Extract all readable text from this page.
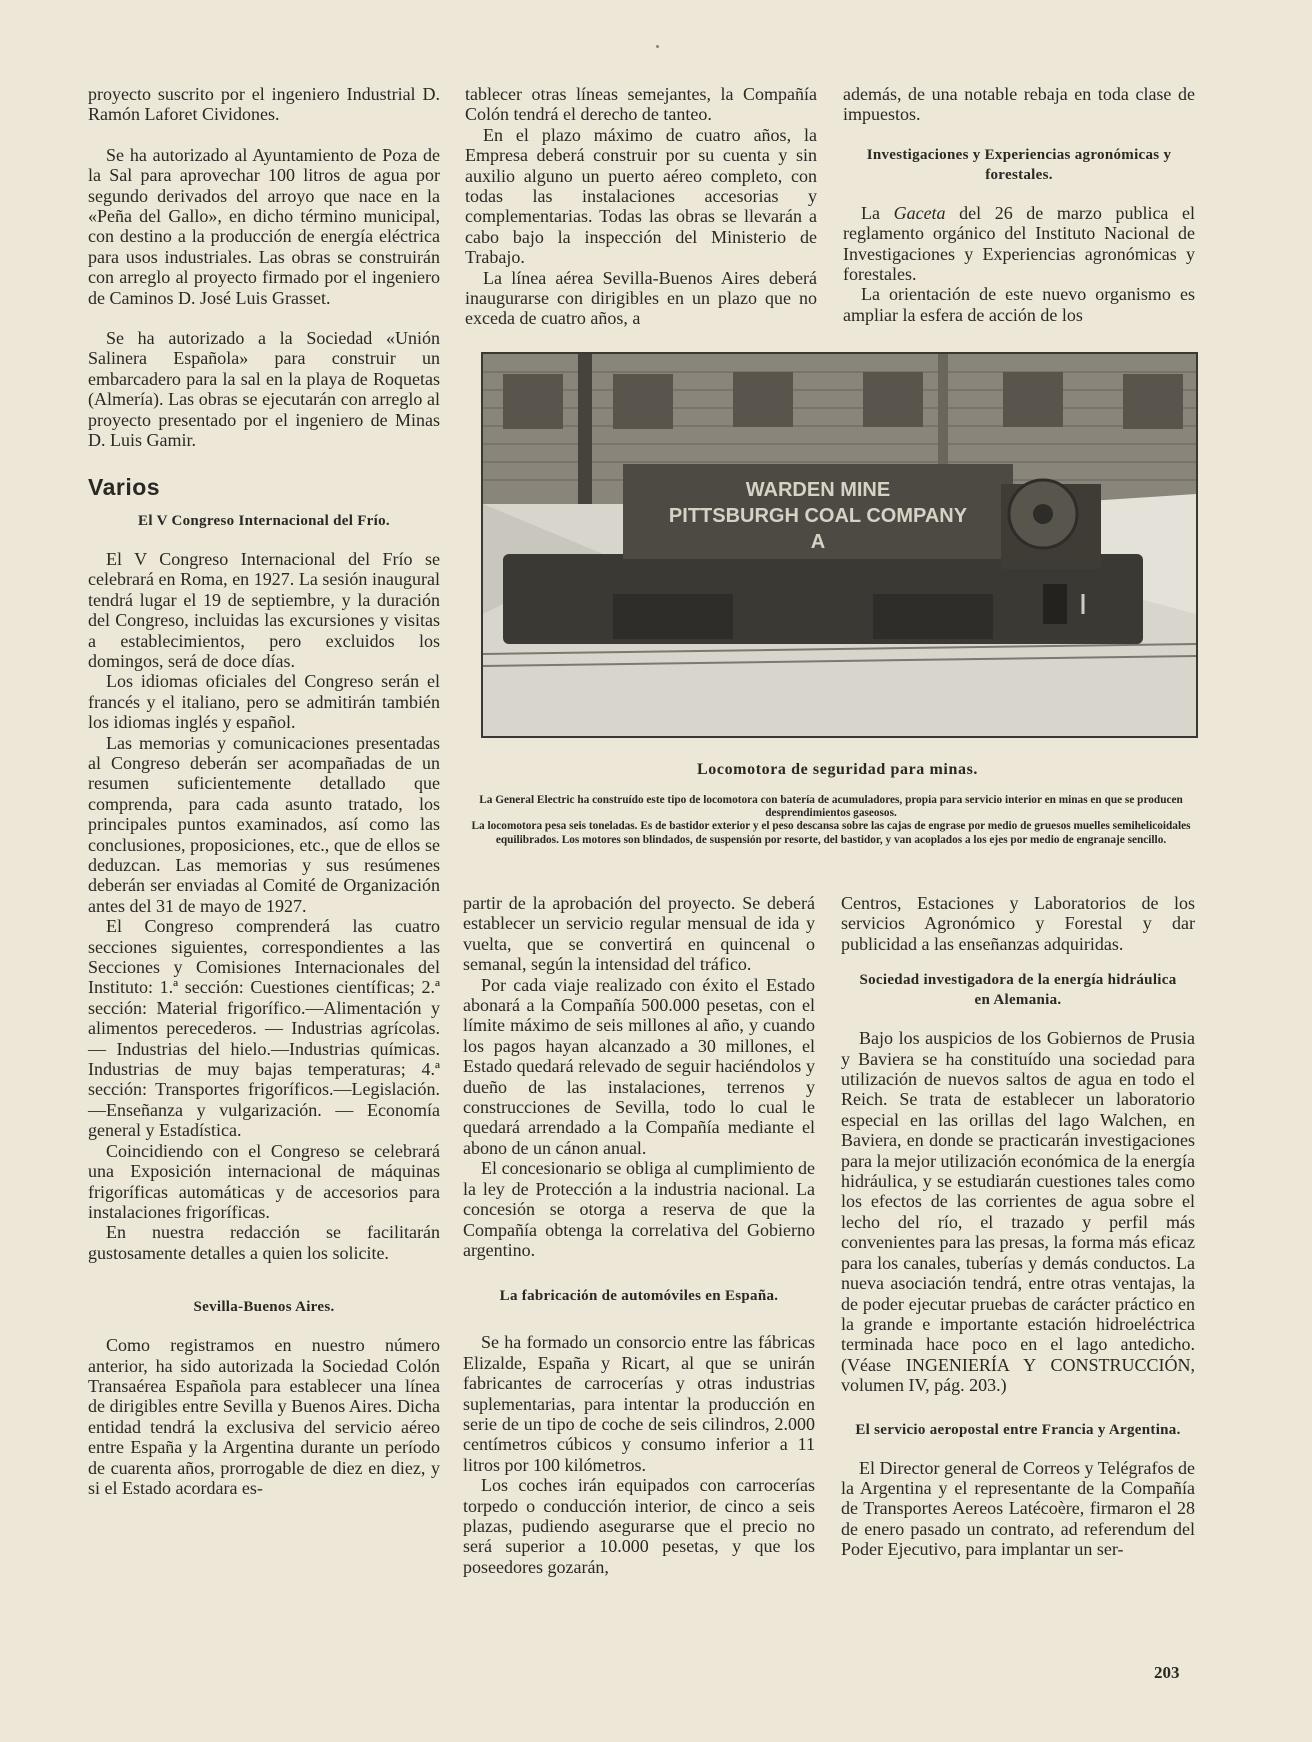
proyecto suscrito por el ingeniero Industrial D. Ramón Laforet Cividones.

Se ha autorizado al Ayuntamiento de Poza de la Sal para aprovechar 100 litros de agua por segundo derivados del arroyo que nace en la «Peña del Gallo», en dicho término municipal, con destino a la producción de energía eléctrica para usos industriales. Las obras se construirán con arreglo al proyecto firmado por el ingeniero de Caminos D. José Luis Grasset.

Se ha autorizado a la Sociedad «Unión Salinera Española» para construir un embarcadero para la sal en la playa de Roquetas (Almería). Las obras se ejecutarán con arreglo al proyecto presentado por el ingeniero de Minas D. Luis Gamir.

Varios
El V Congreso Internacional del Frío.

El V Congreso Internacional del Frío se celebrará en Roma, en 1927. La sesión inaugural tendrá lugar el 19 de septiembre, y la duración del Congreso, incluidas las excursiones y visitas a establecimientos, pero excluidos los domingos, será de doce días.

Los idiomas oficiales del Congreso serán el francés y el italiano, pero se admitirán también los idiomas inglés y español.

Las memorias y comunicaciones presentadas al Congreso deberán ser acompañadas de un resumen suficientemente detallado que comprenda, para cada asunto tratado, los principales puntos examinados, así como las conclusiones, proposiciones, etc., que de ellos se deduzcan. Las memorias y sus resúmenes deberán ser enviadas al Comité de Organización antes del 31 de mayo de 1927.

El Congreso comprenderá las cuatro secciones siguientes, correspondientes a las Secciones y Comisiones Internacionales del Instituto: 1.ª sección: Cuestiones científicas; 2.ª sección: Material frigorífico.—Alimentación y alimentos perecederos. — Industrias agrícolas. — Industrias del hielo.—Industrias químicas. Industrias de muy bajas temperaturas; 4.ª sección: Transportes frigoríficos.—Legislación.—Enseñanza y vulgarización. — Economía general y Estadística.

Coincidiendo con el Congreso se celebrará una Exposición internacional de máquinas frigoríficas automáticas y de accesorios para instalaciones frigoríficas.

En nuestra redacción se facilitarán gustosamente detalles a quien los solicite.

Sevilla-Buenos Aires.

Como registramos en nuestro número anterior, ha sido autorizada la Sociedad Colón Transaérea Española para establecer una línea de dirigibles entre Sevilla y Buenos Aires. Dicha entidad tendrá la exclusiva del servicio aéreo entre España y la Argentina durante un período de cuarenta años, prorrogable de diez en diez, y si el Estado acordara es-

tablecer otras líneas semejantes, la Compañía Colón tendrá el derecho de tanteo.

En el plazo máximo de cuatro años, la Empresa deberá construir por su cuenta y sin auxilio alguno un puerto aéreo completo, con todas las instalaciones accesorias y complementarias. Todas las obras se llevarán a cabo bajo la inspección del Ministerio de Trabajo.

La línea aérea Sevilla-Buenos Aires deberá inaugurarse con dirigibles en un plazo que no exceda de cuatro años, a

además, de una notable rebaja en toda clase de impuestos.

Investigaciones y Experiencias agronómicas y forestales.

La Gaceta del 26 de marzo publica el reglamento orgánico del Instituto Nacional de Investigaciones y Experiencias agronómicas y forestales.

La orientación de este nuevo organismo es ampliar la esfera de acción de los

WARDEN MINE
PITTSBURGH COAL COMPANY
A
Locomotora de seguridad para minas.

La General Electric ha construído este tipo de locomotora con batería de acumuladores, propia para servicio interior en minas en que se producen desprendimientos gaseosos.

La locomotora pesa seis toneladas. Es de bastidor exterior y el peso descansa sobre las cajas de engrase por medio de gruesos muelles semihelicoidales equilibrados. Los motores son blindados, de suspensión por resorte, del bastidor, y van acoplados a los ejes por medio de engranaje sencillo.

partir de la aprobación del proyecto. Se deberá establecer un servicio regular mensual de ida y vuelta, que se convertirá en quincenal o semanal, según la intensidad del tráfico.

Por cada viaje realizado con éxito el Estado abonará a la Compañía 500.000 pesetas, con el límite máximo de seis millones al año, y cuando los pagos hayan alcanzado a 30 millones, el Estado quedará relevado de seguir haciéndolos y dueño de las instalaciones, terrenos y construcciones de Sevilla, todo lo cual le quedará arrendado a la Compañía mediante el abono de un cánon anual.

El concesionario se obliga al cumplimiento de la ley de Protección a la industria nacional. La concesión se otorga a reserva de que la Compañía obtenga la correlativa del Gobierno argentino.

La fabricación de automóviles en España.

Se ha formado un consorcio entre las fábricas Elizalde, España y Ricart, al que se unirán fabricantes de carrocerías y otras industrias suplementarias, para intentar la producción en serie de un tipo de coche de seis cilindros, 2.000 centímetros cúbicos y consumo inferior a 11 litros por 100 kilómetros.

Los coches irán equipados con carrocerías torpedo o conducción interior, de cinco a seis plazas, pudiendo asegurarse que el precio no será superior a 10.000 pesetas, y que los poseedores gozarán,

Centros, Estaciones y Laboratorios de los servicios Agronómico y Forestal y dar publicidad a las enseñanzas adquiridas.

Sociedad investigadora de la energía hidráulica en Alemania.

Bajo los auspicios de los Gobiernos de Prusia y Baviera se ha constituído una sociedad para utilización de nuevos saltos de agua en todo el Reich. Se trata de establecer un laboratorio especial en las orillas del lago Walchen, en Baviera, en donde se practicarán investigaciones para la mejor utilización económica de la energía hidráulica, y se estudiarán cuestiones tales como los efectos de las corrientes de agua sobre el lecho del río, el trazado y perfil más convenientes para las presas, la forma más eficaz para los canales, tuberías y demás conductos. La nueva asociación tendrá, entre otras ventajas, la de poder ejecutar pruebas de carácter práctico en la grande e importante estación hidroeléctrica terminada hace poco en el lago antedicho. (Véase INGENIERÍA Y CONSTRUCCIÓN, volumen IV, pág. 203.)

El servicio aeropostal entre Francia y Argentina.

El Director general de Correos y Telégrafos de la Argentina y el representante de la Compañía de Transportes Aereos Latécoère, firmaron el 28 de enero pasado un contrato, ad referendum del Poder Ejecutivo, para implantar un ser-

203
